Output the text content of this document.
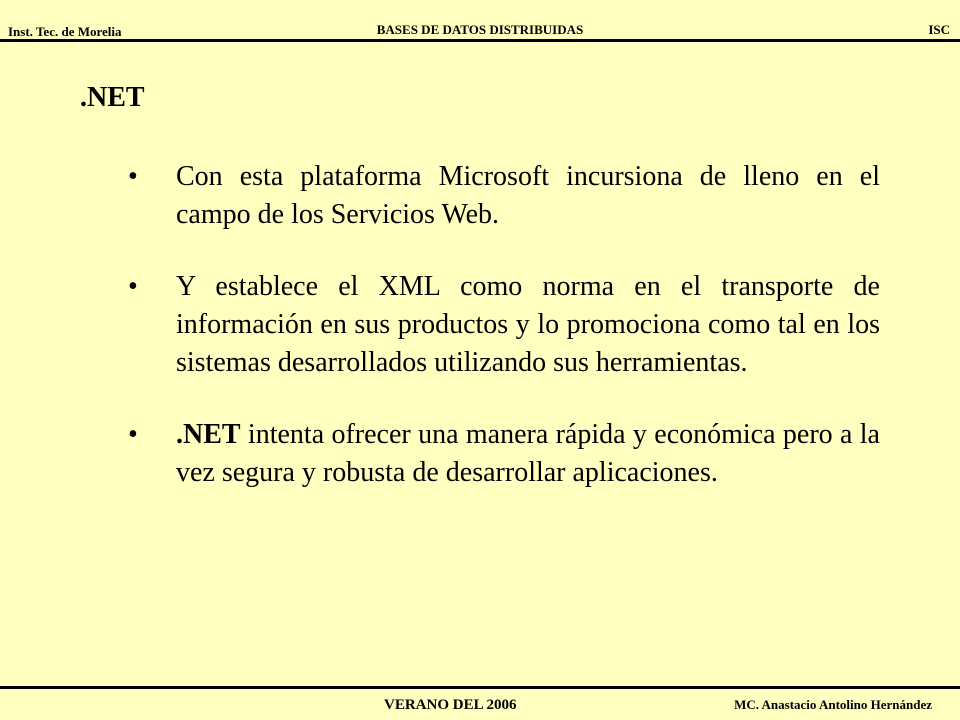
Inst. Tec. de Morelia	BASES DE DATOS DISTRIBUIDAS	ISC
.NET
• Con esta plataforma Microsoft incursiona de lleno en el campo de los Servicios Web.
• Y establece el XML como norma en el transporte de información en sus productos y lo promociona como tal en los sistemas desarrollados utilizando sus herramientas.
• .NET intenta ofrecer una manera rápida y económica pero a la vez segura y robusta de desarrollar aplicaciones.
VERANO DEL 2006	MC. Anastacio Antolino Hernández
